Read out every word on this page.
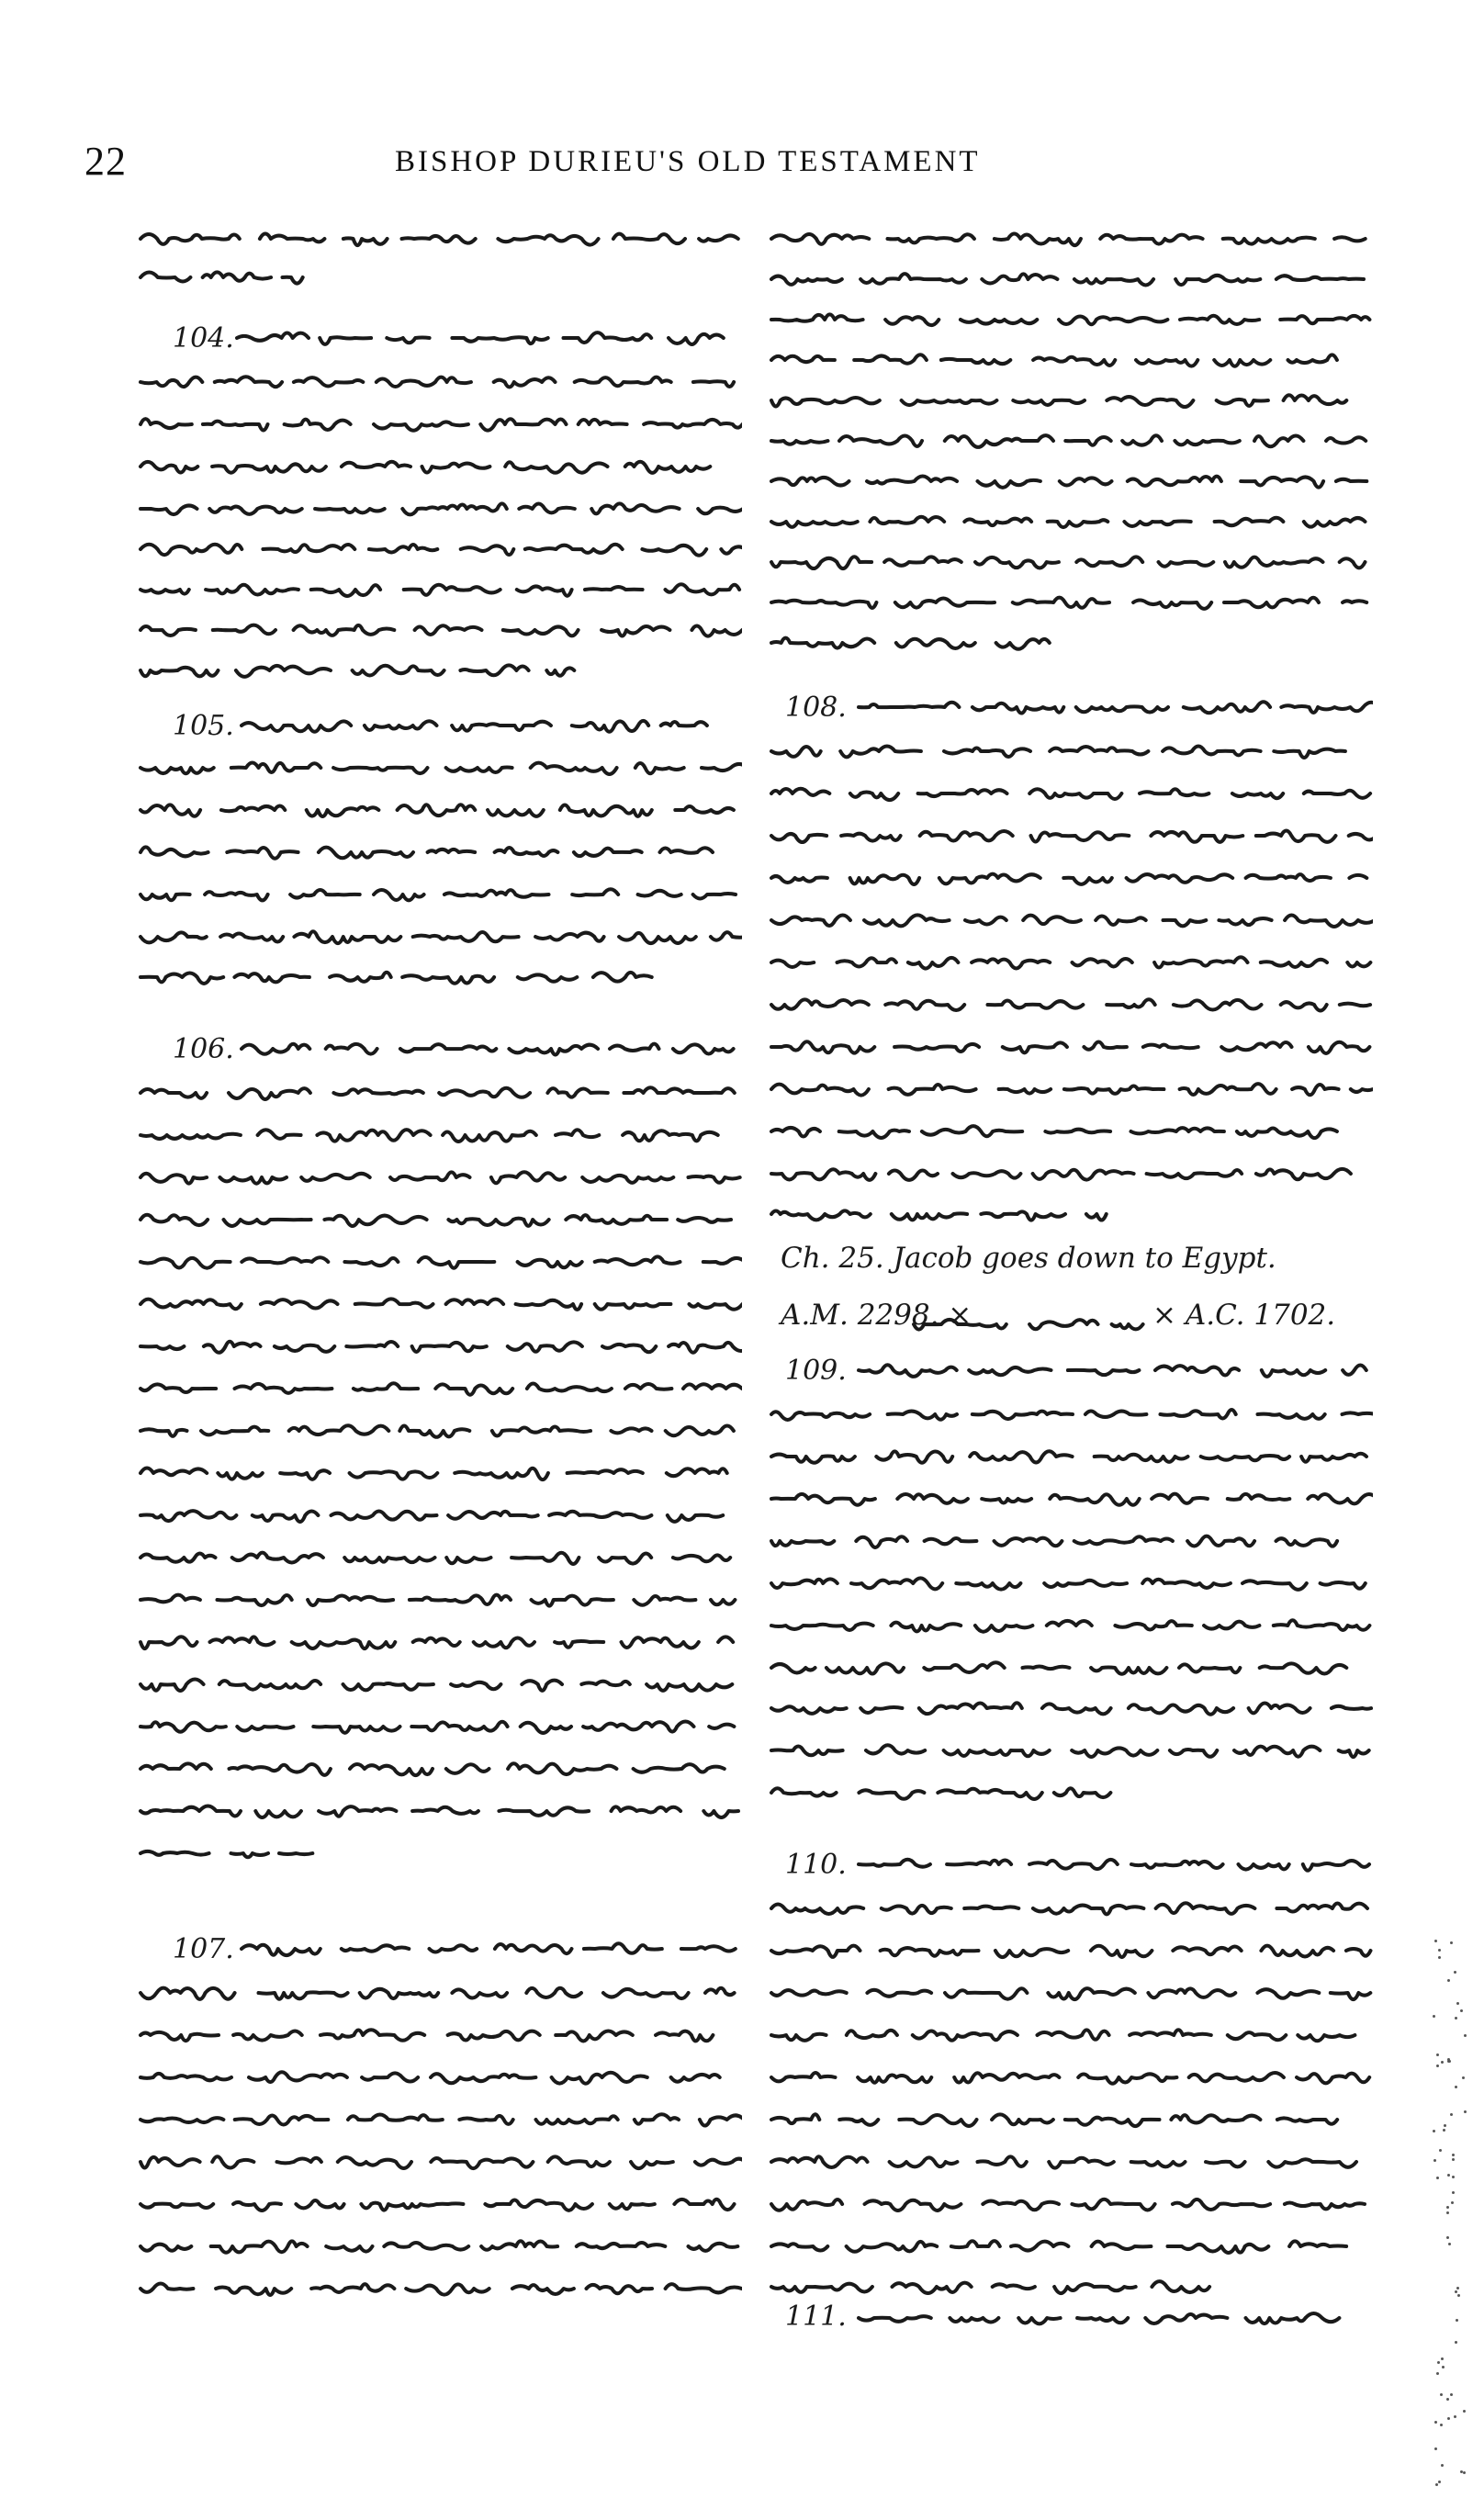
22	BISHOP DURIEU'S OLD TESTAMENT
104.
105.
106.
107.
108.
Ch. 25. Jacob goes down to Egypt.
A.M. 2298. ×	× A.C. 1702.
109.
110.
111.
